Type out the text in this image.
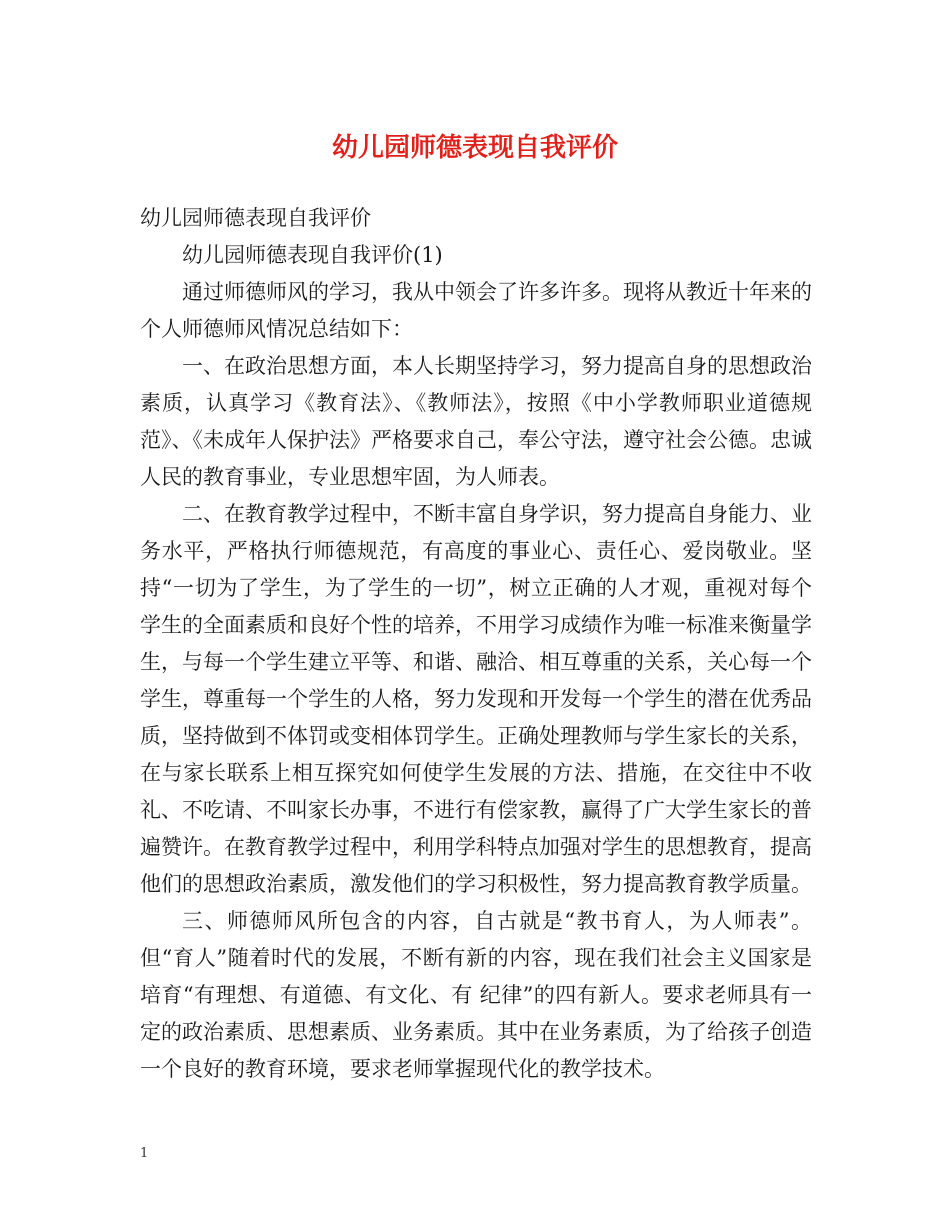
幼儿园师德表现自我评价

幼儿园师德表现自我评价

幼儿园师德表现自我评价(1)

通过师德师风的学习，我从中领会了许多许多。现将从教近十年来的个人师德师风情况总结如下：

一、在政治思想方面，本人长期坚持学习，努力提高自身的思想政治素质，认真学习《教育法》、《教师法》，按照《中小学教师职业道德规范》、《未成年人保护法》严格要求自己，奉公守法，遵守社会公德。忠诚人民的教育事业，专业思想牢固，为人师表。

二、在教育教学过程中，不断丰富自身学识，努力提高自身能力、业务水平，严格执行师德规范，有高度的事业心、责任心、爱岗敬业。坚持“一切为了学生，为了学生的一切”，树立正确的人才观，重视对每个学生的全面素质和良好个性的培养，不用学习成绩作为唯一标准来衡量学生，与每一个学生建立平等、和谐、融洽、相互尊重的关系，关心每一个学生，尊重每一个学生的人格，努力发现和开发每一个学生的潜在优秀品质，坚持做到不体罚或变相体罚学生。正确处理教师与学生家长的关系，在与家长联系上相互探究如何使学生发展的方法、措施，在交往中不收礼、不吃请、不叫家长办事，不进行有偿家教，赢得了广大学生家长的普遍赞许。在教育教学过程中，利用学科特点加强对学生的思想教育，提高他们的思想政治素质，激发他们的学习积极性，努力提高教育教学质量。

三、师德师风所包含的内容，自古就是“教书育人，为人师表”。但“育人”随着时代的发展，不断有新的内容，现在我们社会主义国家是培育“有理想、有道德、有文化、有 纪律”的四有新人。要求老师具有一定的政治素质、思想素质、业务素质。其中在业务素质，为了给孩子创造一个良好的教育环境，要求老师掌握现代化的教学技术。

1
